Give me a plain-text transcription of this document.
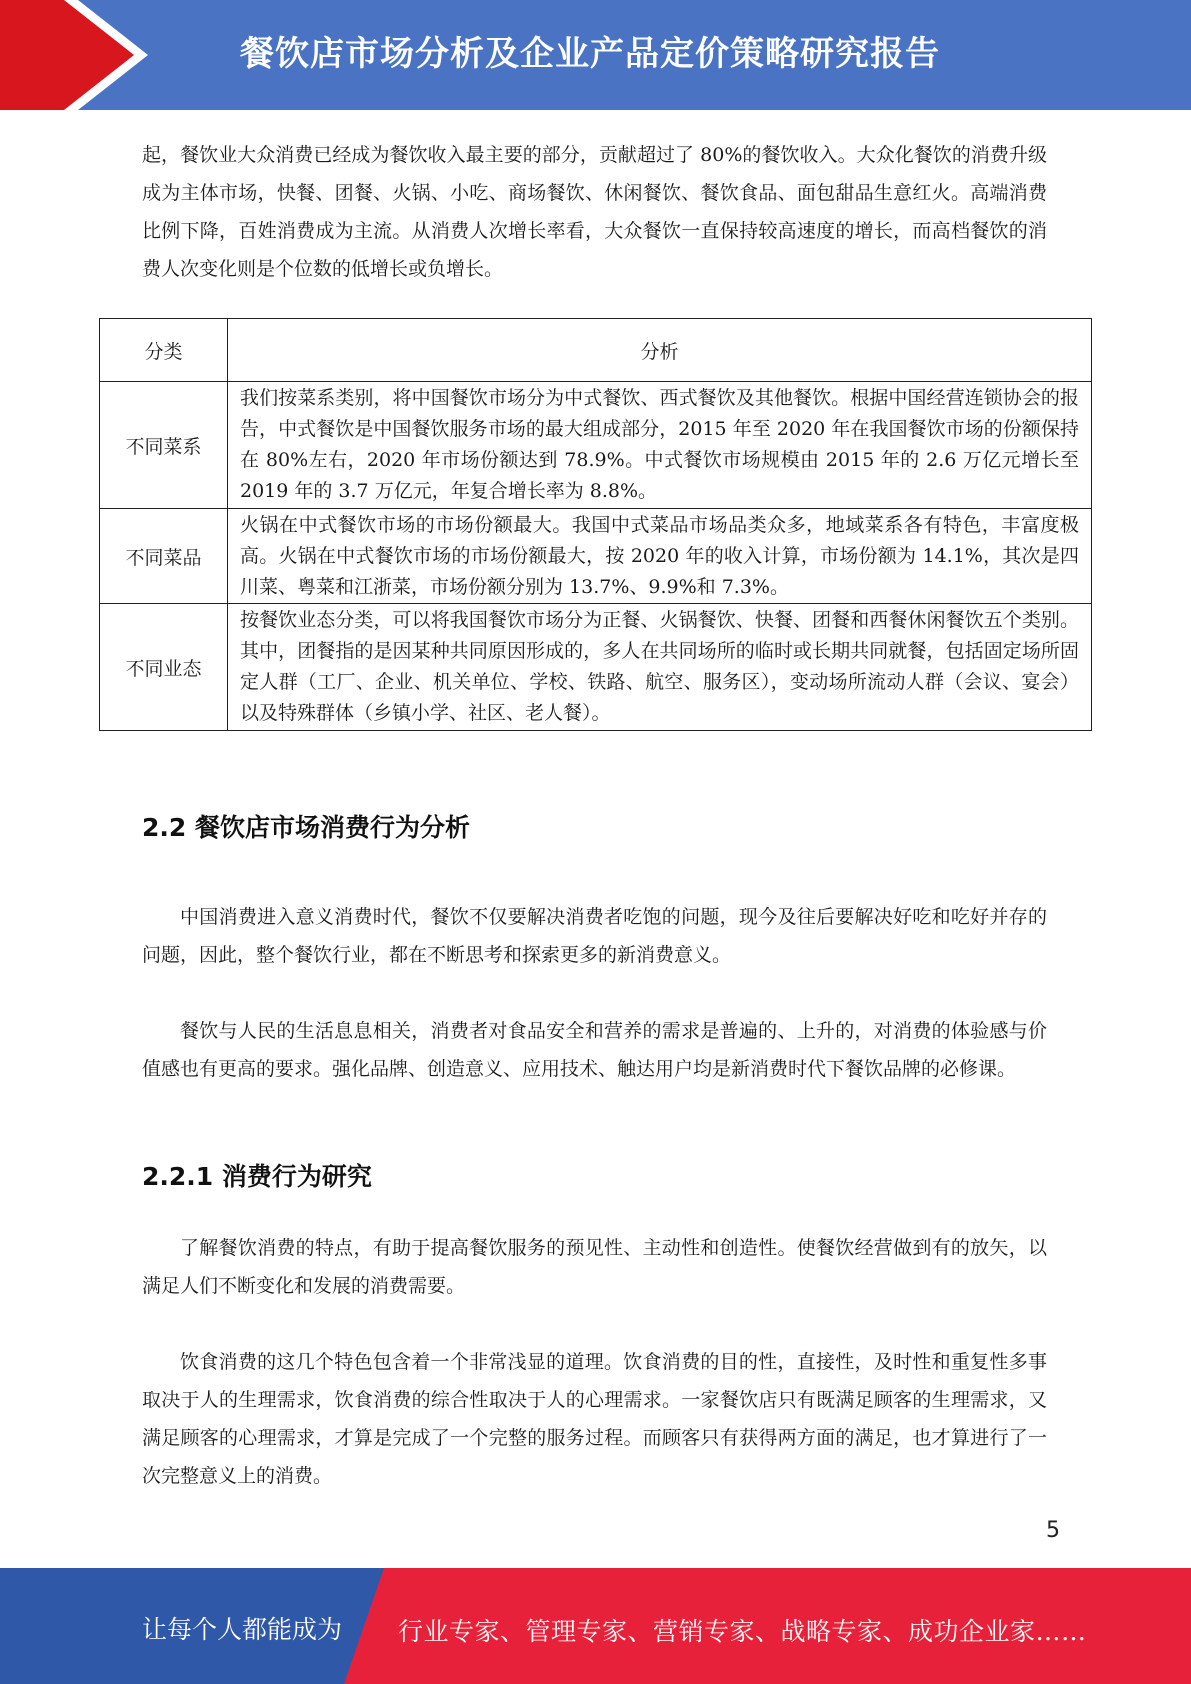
餐饮店市场分析及企业产品定价策略研究报告
起，餐饮业大众消费已经成为餐饮收入最主要的部分，贡献超过了 80%的餐饮收入。大众化餐饮的消费升级成为主体市场，快餐、团餐、火锅、小吃、商场餐饮、休闲餐饮、餐饮食品、面包甜品生意红火。高端消费比例下降，百姓消费成为主流。从消费人次增长率看，大众餐饮一直保持较高速度的增长，而高档餐饮的消费人次变化则是个位数的低增长或负增长。
分类	分析
不同菜系	我们按菜系类别，将中国餐饮市场分为中式餐饮、西式餐饮及其他餐饮。根据中国经营连锁协会的报告，中式餐饮是中国餐饮服务市场的最大组成部分，2015 年至 2020 年在我国餐饮市场的份额保持在 80%左右，2020 年市场份额达到 78.9%。中式餐饮市场规模由 2015 年的 2.6 万亿元增长至 2019 年的 3.7 万亿元，年复合增长率为 8.8%。
不同菜品	火锅在中式餐饮市场的市场份额最大。我国中式菜品市场品类众多，地域菜系各有特色，丰富度极高。火锅在中式餐饮市场的市场份额最大，按 2020 年的收入计算，市场份额为 14.1%，其次是四川菜、粤菜和江浙菜，市场份额分别为 13.7%、9.9%和 7.3%。
不同业态	按餐饮业态分类，可以将我国餐饮市场分为正餐、火锅餐饮、快餐、团餐和西餐休闲餐饮五个类别。其中，团餐指的是因某种共同原因形成的，多人在共同场所的临时或长期共同就餐，包括固定场所固定人群（工厂、企业、机关单位、学校、铁路、航空、服务区），变动场所流动人群（会议、宴会）以及特殊群体（乡镇小学、社区、老人餐）。
2.2 餐饮店市场消费行为分析
中国消费进入意义消费时代，餐饮不仅要解决消费者吃饱的问题，现今及往后要解决好吃和吃好并存的问题，因此，整个餐饮行业，都在不断思考和探索更多的新消费意义。
餐饮与人民的生活息息相关，消费者对食品安全和营养的需求是普遍的、上升的，对消费的体验感与价值感也有更高的要求。强化品牌、创造意义、应用技术、触达用户均是新消费时代下餐饮品牌的必修课。
2.2.1 消费行为研究
了解餐饮消费的特点，有助于提高餐饮服务的预见性、主动性和创造性。使餐饮经营做到有的放矢，以满足人们不断变化和发展的消费需要。
饮食消费的这几个特色包含着一个非常浅显的道理。饮食消费的目的性，直接性，及时性和重复性多事取决于人的生理需求，饮食消费的综合性取决于人的心理需求。一家餐饮店只有既满足顾客的生理需求，又满足顾客的心理需求，才算是完成了一个完整的服务过程。而顾客只有获得两方面的满足，也才算进行了一次完整意义上的消费。
5
让每个人都能成为 行业专家、管理专家、营销专家、战略专家、成功企业家……
